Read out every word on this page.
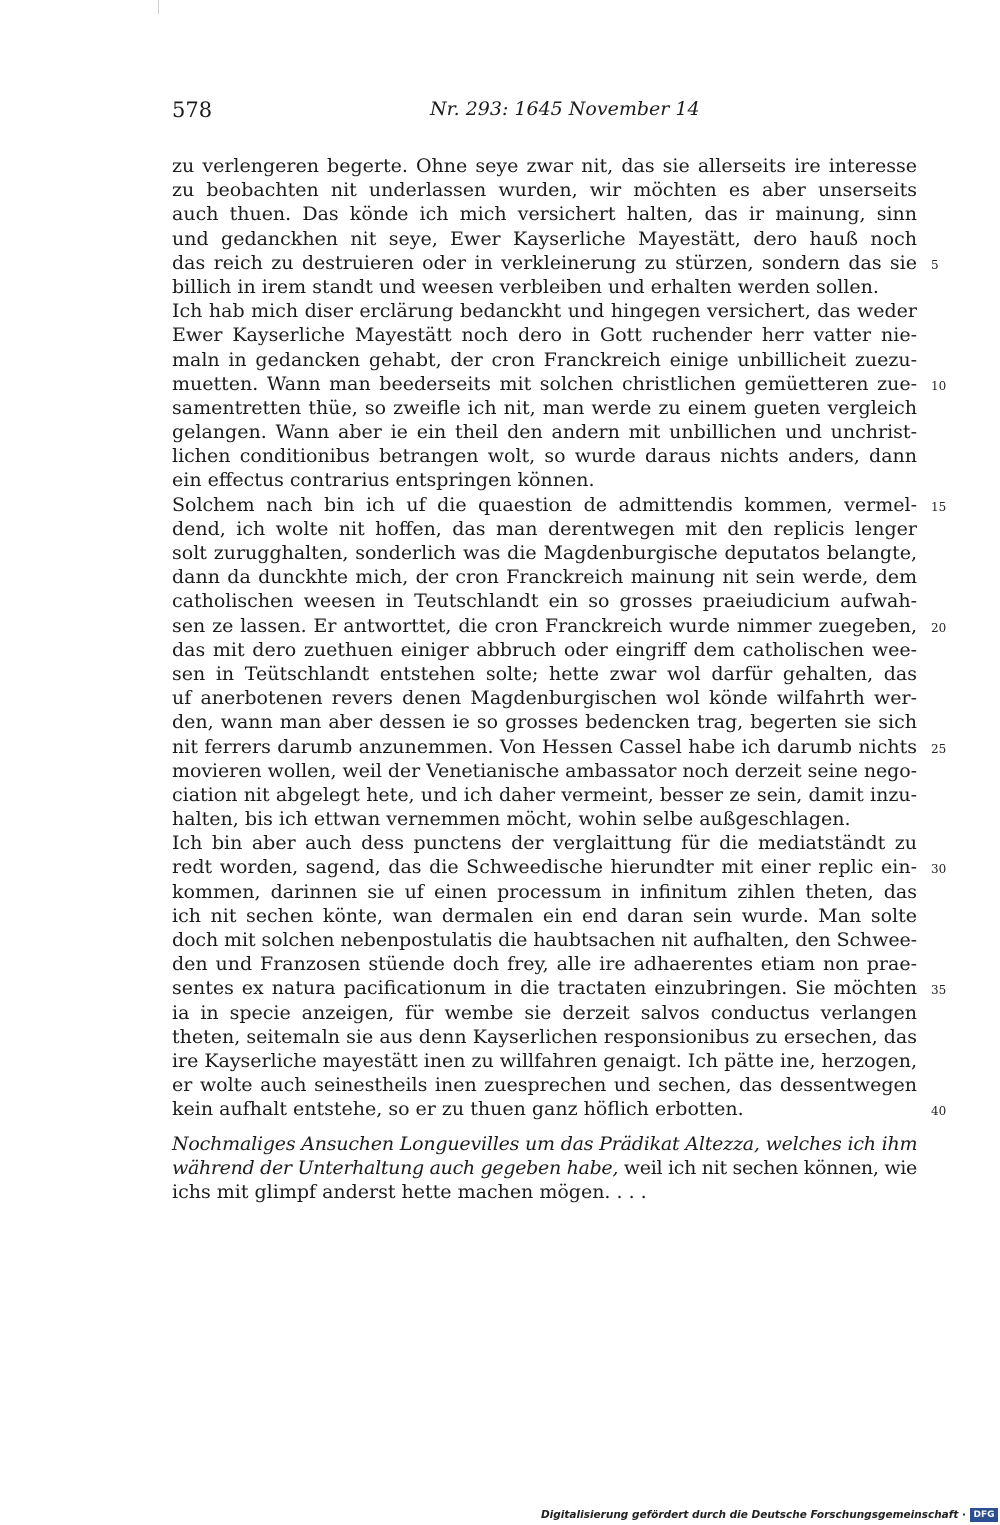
578	Nr. 293: 1645 November 14
zu verlengeren begerte. Ohne seye zwar nit, das sie allerseits ire interesse
zu beobachten nit underlassen wurden, wir möchten es aber unserseits
auch thuen. Das könde ich mich versichert halten, das ir mainung, sinn
und gedanckhen nit seye, Ewer Kayserliche Mayestätt, dero hauß noch
das reich zu destruieren oder in verkleinerung zu stürzen, sondern das sie 5
billich in irem standt und weesen verbleiben und erhalten werden sollen.
Ich hab mich diser erclärung bedanckht und hingegen versichert, das weder
Ewer Kayserliche Mayestätt noch dero in Gott ruchender herr vatter nie-
maln in gedancken gehabt, der cron Franckreich einige unbillicheit zuezu-
muetten. Wann man beederseits mit solchen christlichen gemüetteren zue- 10
samentretten thüe, so zweifle ich nit, man werde zu einem gueten vergleich
gelangen. Wann aber ie ein theil den andern mit unbillichen und unchrist-
lichen conditionibus betrangen wolt, so wurde daraus nichts anders, dann
ein effectus contrarius entspringen können.
Solchem nach bin ich uf die quaestion de admittendis kommen, vermel- 15
dend, ich wolte nit hoffen, das man derentwegen mit den replicis lenger
solt zurugghalten, sonderlich was die Magdenburgische deputatos belangte,
dann da dunckhte mich, der cron Franckreich mainung nit sein werde, dem
catholischen weesen in Teutschlandt ein so grosses praeiudicium aufwah-
sen ze lassen. Er antworttet, die cron Franckreich wurde nimmer zuegeben, 20
das mit dero zuethuen einiger abbruch oder eingriff dem catholischen wee-
sen in Teütschlandt entstehen solte; hette zwar wol darfür gehalten, das
uf anerbotenen revers denen Magdenburgischen wol könde wilfahrth wer-
den, wann man aber dessen ie so grosses bedencken trag, begerten sie sich
nit ferrers darumb anzunemmen. Von Hessen Cassel habe ich darumb nichts 25
movieren wollen, weil der Venetianische ambassator noch derzeit seine nego-
ciation nit abgelegt hete, und ich daher vermeint, besser ze sein, damit inzu-
halten, bis ich ettwan vernemmen möcht, wohin selbe außgeschlagen.
Ich bin aber auch dess punctens der verglaittung für die mediatständt zu
redt worden, sagend, das die Schweedische hierundter mit einer replic ein- 30
kommen, darinnen sie uf einen processum in infinitum zihlen theten, das
ich nit sechen könte, wan dermalen ein end daran sein wurde. Man solte
doch mit solchen nebenpostulatis die haubtsachen nit aufhalten, den Schwee-
den und Franzosen stüende doch frey, alle ire adhaerentes etiam non prae-
sentes ex natura pacificationum in die tractaten einzubringen. Sie möchten 35
ia in specie anzeigen, für wembe sie derzeit salvos conductus verlangen
theten, seitemaln sie aus denn Kayserlichen responsionibus zu ersechen, das
ire Kayserliche mayestätt inen zu willfahren genaigt. Ich pätte ine, herzogen,
er wolte auch seinestheils inen zuesprechen und sechen, das dessentwegen
kein aufhalt entstehe, so er zu thuen ganz höflich erbotten.	40
Nochmaliges Ansuchen Longuevilles um das Prädikat Altezza, welches ich ihm
während der Unterhaltung auch gegeben habe, weil ich nit sechen können, wie
ichs mit glimpf anderst hette machen mögen. . . .
Digitalisierung gefördert durch die Deutsche Forschungsgemeinschaft · DFG
